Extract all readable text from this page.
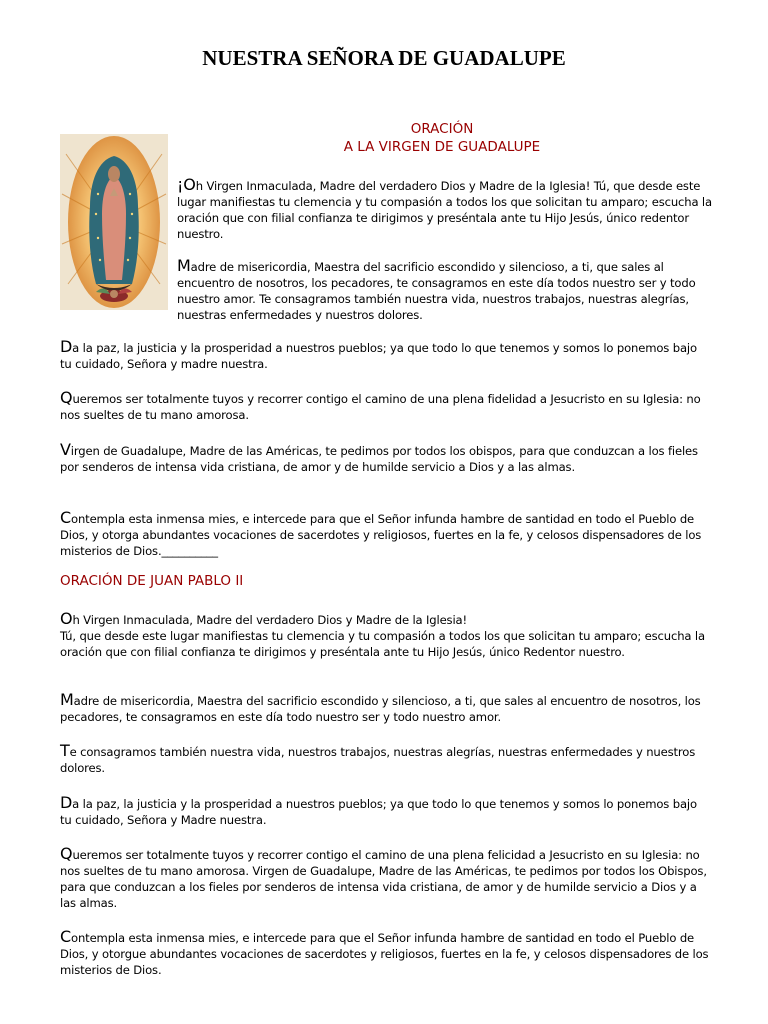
NUESTRA SEÑORA DE GUADALUPE

ORACIÓN

A LA VIRGEN DE GUADALUPE

¡Oh Virgen Inmaculada, Madre del verdadero Dios y Madre de la Iglesia! Tú, que desde este lugar manifiestas tu clemencia y tu compasión a todos los que solicitan tu amparo; escucha la oración que con filial confianza te dirigimos y preséntala ante tu Hijo Jesús, único redentor nuestro.

Madre de misericordia, Maestra del sacrificio escondido y silencioso, a ti, que sales al encuentro de nosotros, los pecadores, te consagramos en este día todos nuestro ser y todo nuestro amor. Te consagramos también nuestra vida, nuestros trabajos, nuestras alegrías, nuestras enfermedades y nuestros dolores.

Da la paz, la justicia y la prosperidad a nuestros pueblos; ya que todo lo que tenemos y somos lo ponemos bajo tu cuidado, Señora y madre nuestra.

Queremos ser totalmente tuyos y recorrer contigo el camino de una plena fidelidad a Jesucristo en su Iglesia: no nos sueltes de tu mano amorosa.

Virgen de Guadalupe, Madre de las Américas, te pedimos por todos los obispos, para que conduzcan a los fieles por senderos de intensa vida cristiana, de amor y de humilde servicio a Dios y a las almas.

Contempla esta inmensa mies, e intercede para que el Señor infunda hambre de santidad en todo el Pueblo de Dios, y otorga abundantes vocaciones de sacerdotes y religiosos, fuertes en la fe, y celosos dispensadores de los misterios de Dios.__________

ORACIÓN DE JUAN PABLO II

Oh Virgen Inmaculada, Madre del verdadero Dios y Madre de la Iglesia!
Tú, que desde este lugar manifiestas tu clemencia y tu compasión a todos los que solicitan tu amparo; escucha la oración que con filial confianza te dirigimos y preséntala ante tu Hijo Jesús, único Redentor nuestro.

Madre de misericordia, Maestra del sacrificio escondido y silencioso, a ti, que sales al encuentro de nosotros, los pecadores, te consagramos en este día todo nuestro ser y todo nuestro amor.

Te consagramos también nuestra vida, nuestros trabajos, nuestras alegrías, nuestras enfermedades y nuestros dolores.

Da la paz, la justicia y la prosperidad a nuestros pueblos; ya que todo lo que tenemos y somos lo ponemos bajo tu cuidado, Señora y Madre nuestra.

Queremos ser totalmente tuyos y recorrer contigo el camino de una plena felicidad a Jesucristo en su Iglesia: no nos sueltes de tu mano amorosa. Virgen de Guadalupe, Madre de las Américas, te pedimos por todos los Obispos, para que conduzcan a los fieles por senderos de intensa vida cristiana, de amor y de humilde servicio a Dios y a las almas.

Contempla esta inmensa mies, e intercede para que el Señor infunda hambre de santidad en todo el Pueblo de Dios, y otorgue abundantes vocaciones de sacerdotes y religiosos, fuertes en la fe, y celosos dispensadores de los misterios de Dios.
